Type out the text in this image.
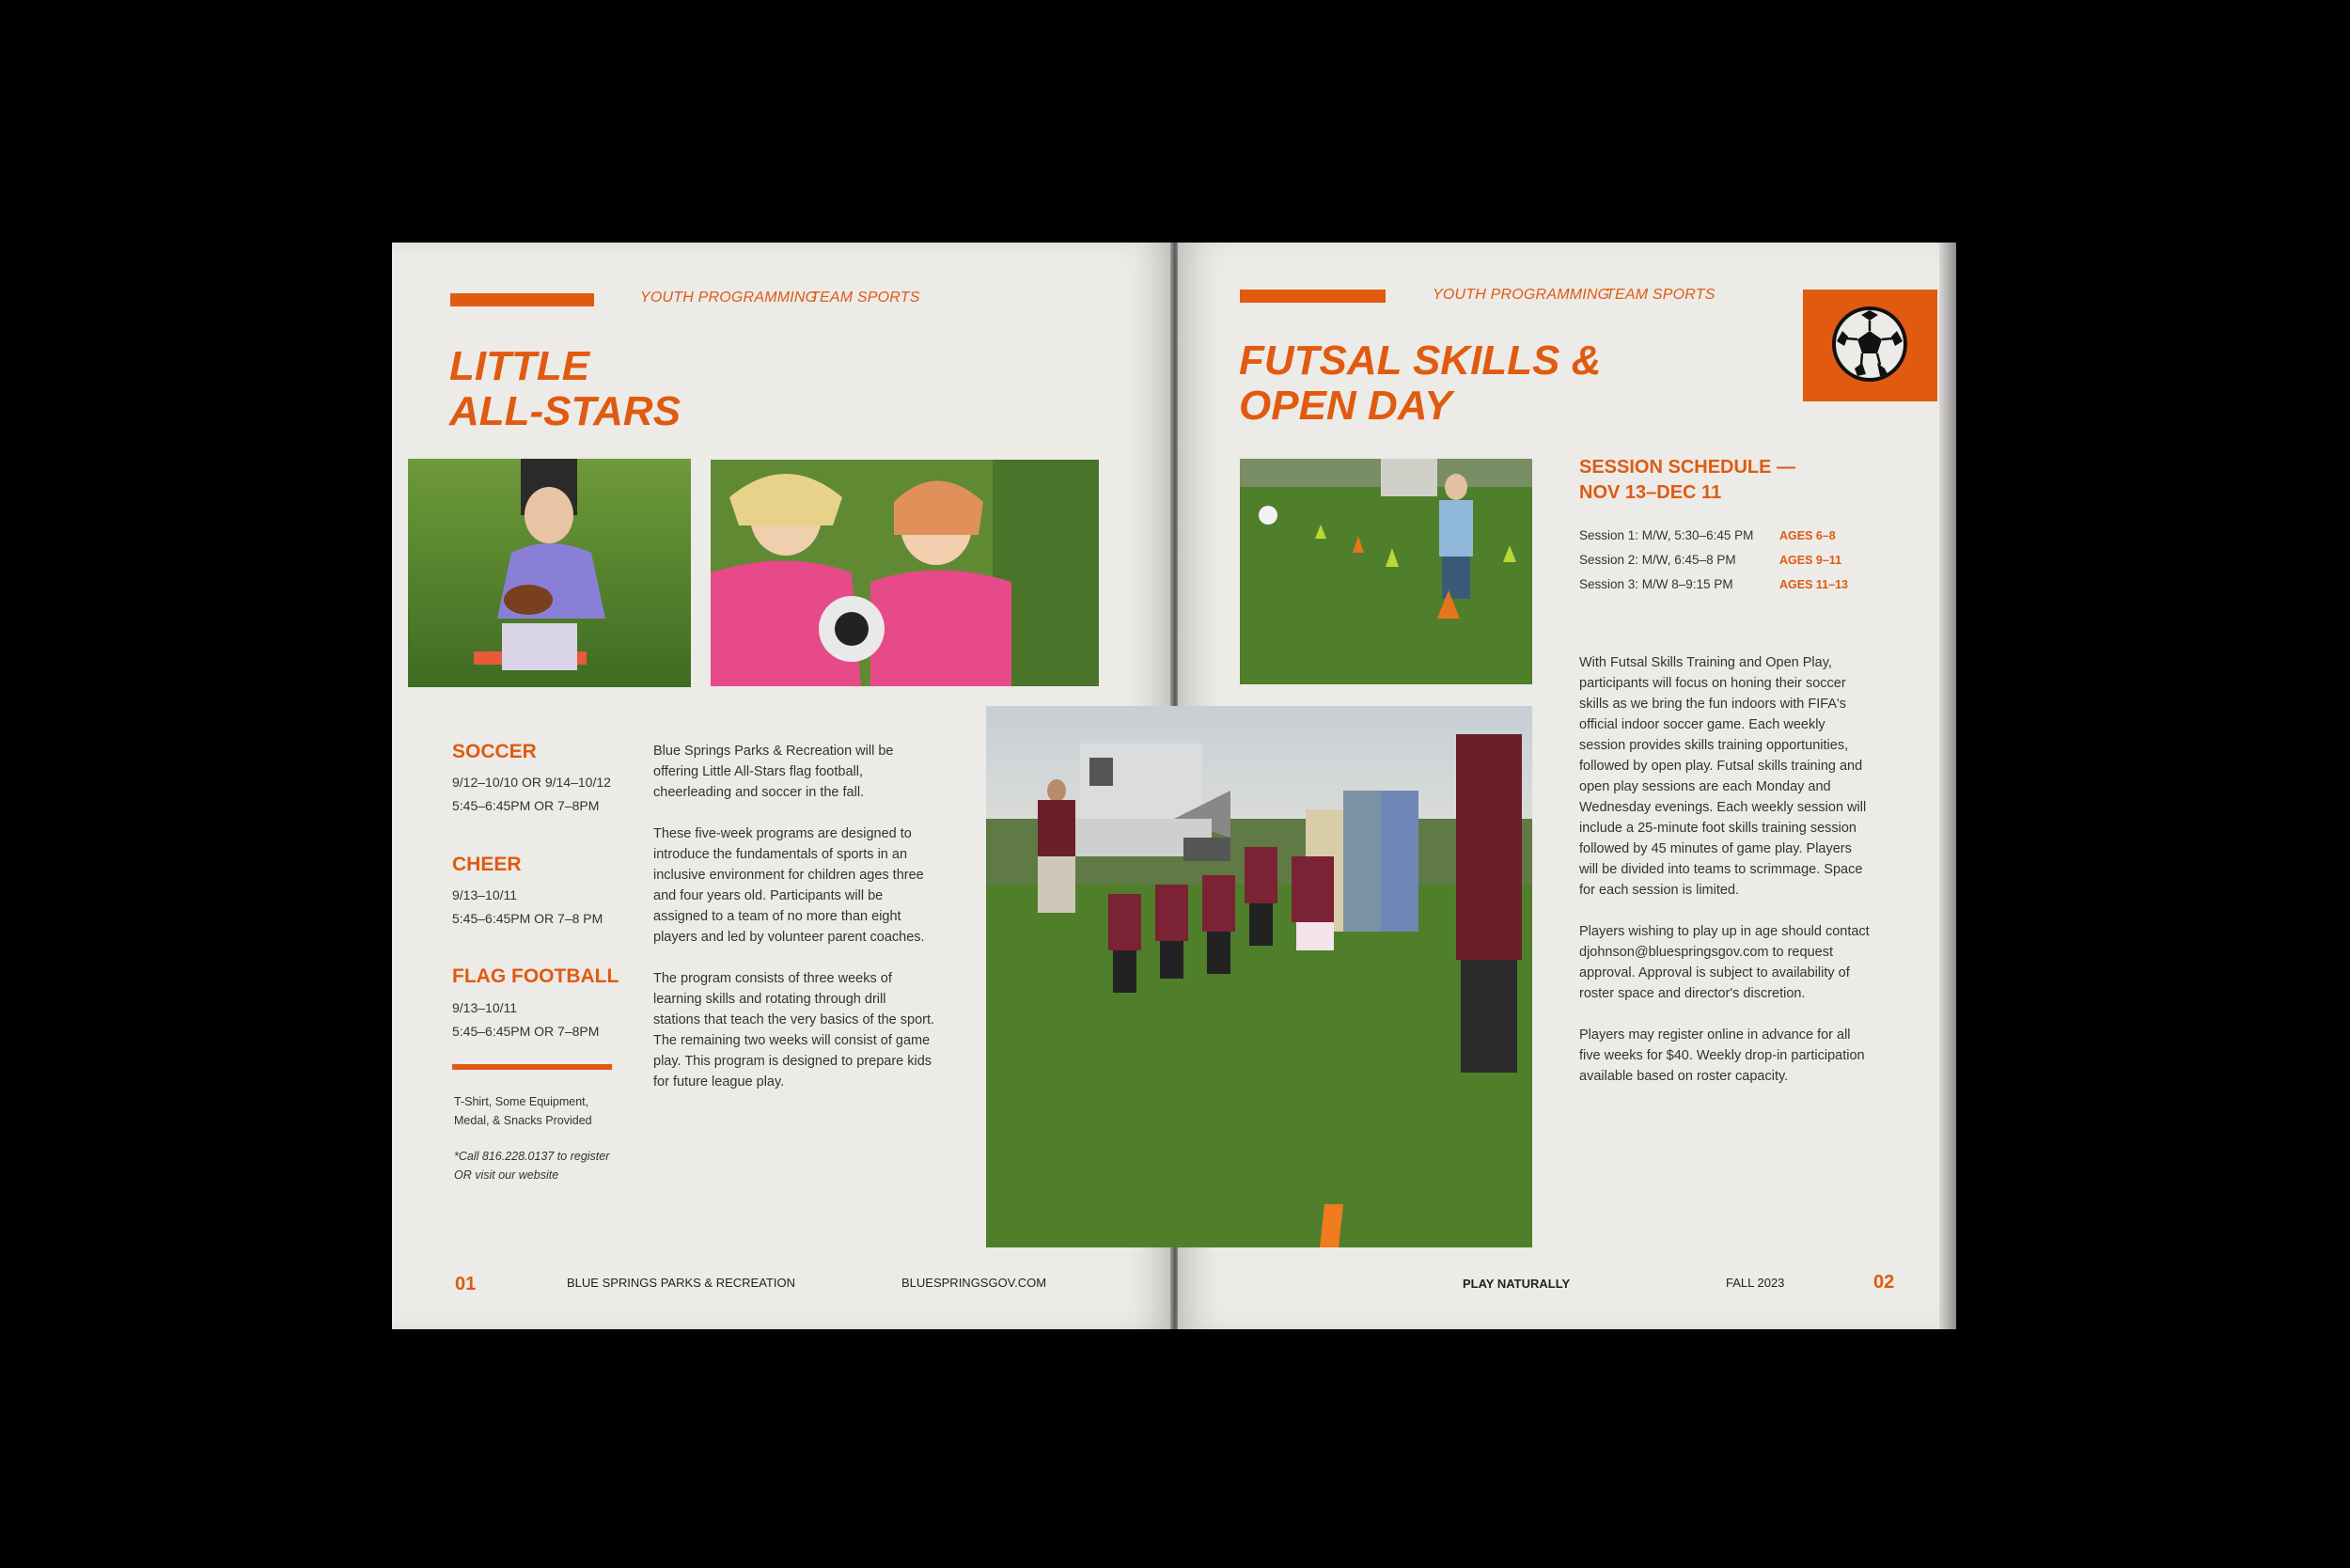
YOUTH PROGRAMMING
TEAM SPORTS
LITTLE
ALL-STARS
SOCCER
9/12–10/10 OR 9/14–10/12
5:45–6:45PM OR 7–8PM
CHEER
9/13–10/11
5:45–6:45PM OR 7–8 PM
FLAG FOOTBALL
9/13–10/11
5:45–6:45PM OR 7–8PM
T-Shirt, Some Equipment, Medal, & Snacks Provided
*Call 816.228.0137 to register OR visit our website

Blue Springs Parks & Recreation will be offering Little All-Stars flag football, cheerleading and soccer in the fall.

These five-week programs are designed to introduce the fundamentals of sports in an inclusive environment for children ages three and four years old. Participants will be assigned to a team of no more than eight players and led by volunteer parent coaches.

The program consists of three weeks of learning skills and rotating through drill stations that teach the very basics of the sport. The remaining two weeks will consist of game play. This program is designed to prepare kids for future league play.

01	BLUE SPRINGS PARKS & RECREATION	BLUESPRINGSGOV.COM
YOUTH PROGRAMMING
TEAM SPORTS
FUTSAL SKILLS &
OPEN DAY
SESSION SCHEDULE —
NOV 13–DEC 11
Session 1: M/W, 5:30–6:45 PM AGES 6–8
Session 2: M/W, 6:45–8 PM	AGES 9–11
Session 3: M/W 8–9:15 PM	AGES 11–13

With Futsal Skills Training and Open Play, participants will focus on honing their soccer skills as we bring the fun indoors with FIFA's official indoor soccer game. Each weekly session provides skills training opportunities, followed by open play. Futsal skills training and open play sessions are each Monday and Wednesday evenings. Each weekly session will include a 25-minute foot skills training session followed by 45 minutes of game play. Players will be divided into teams to scrimmage. Space for each session is limited.

Players wishing to play up in age should contact djohnson@bluespringsgov.com to request approval. Approval is subject to availability of roster space and director's discretion.

Players may register online in advance for all five weeks for $40. Weekly drop-in participation available based on roster capacity.

PLAY NATURALLY	FALL 2023	02
